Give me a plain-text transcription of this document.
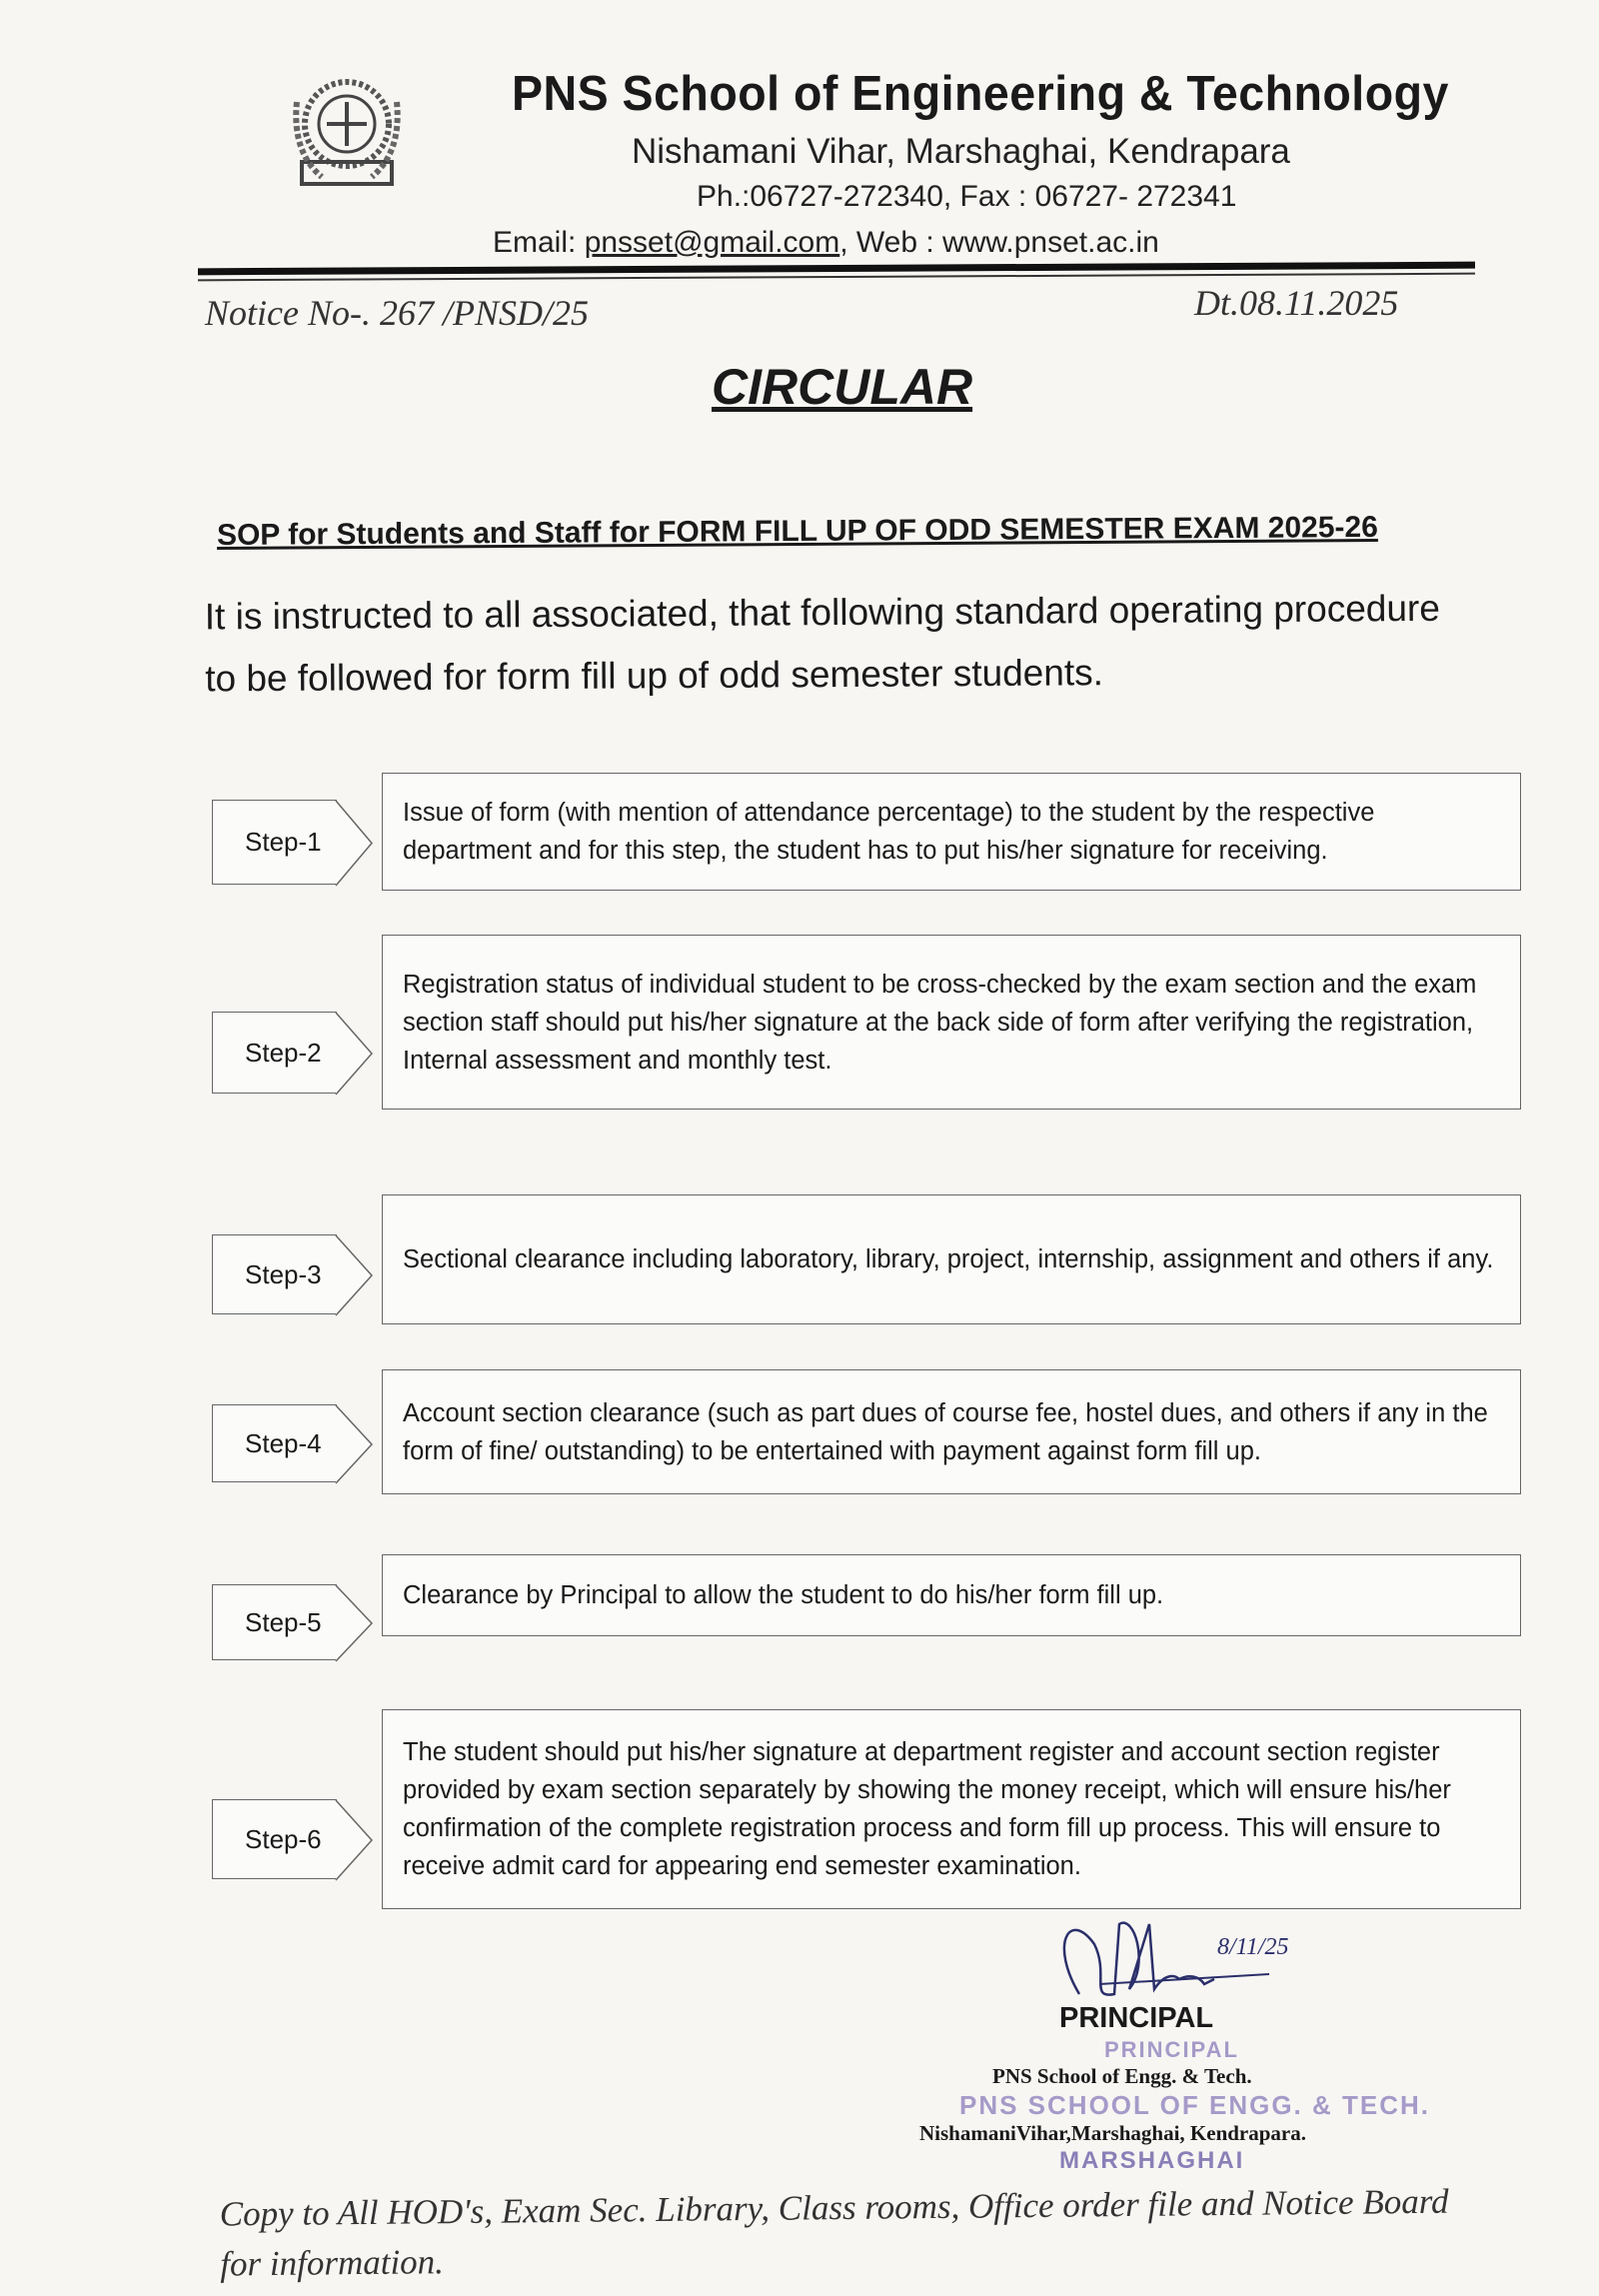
PNS School of Engineering & Technology
Nishamani Vihar, Marshaghai, Kendrapara
Ph.:06727-272340, Fax : 06727- 272341
Email: pnsset@gmail.com, Web : www.pnset.ac.in
Notice No-. 267 /PNSD/25	Dt.08.11.2025
CIRCULAR
SOP for Students and Staff for FORM FILL UP OF ODD SEMESTER EXAM 2025-26
It is instructed to all associated, that following standard operating procedure to be followed for form fill up of odd semester students.
Step-1
Issue of form (with mention of attendance percentage) to the student by the respective department and for this step, the student has to put his/her signature for receiving.
Step-2
Registration status of individual student to be cross-checked by the exam section and the exam section staff should put his/her signature at the back side of form after verifying the registration, Internal assessment and monthly test.
Step-3	Sectional clearance including laboratory, library, project, internship, assignment and others if any.
Step-4
Account section clearance (such as part dues of course fee, hostel dues, and others if any in the form of fine/ outstanding) to be entertained with payment against form fill up.
Step-5
Clearance by Principal to allow the student to do his/her form fill up.
Step-6
The student should put his/her signature at department register and account section register provided by exam section separately by showing the money receipt, which will ensure his/her confirmation of the complete registration process and form fill up process. This will ensure to receive admit card for appearing end semester examination.
8/11/25
PRINCIPAL
PRINCIPAL
PNS School of Engg. & Tech.
PNS SCHOOL OF ENGG. & TECH.
NishamaniVihar,Marshaghai, Kendrapara.
MARSHAGHAI
Copy to All HOD's, Exam Sec. Library, Class rooms, Office order file and Notice Board for information.
